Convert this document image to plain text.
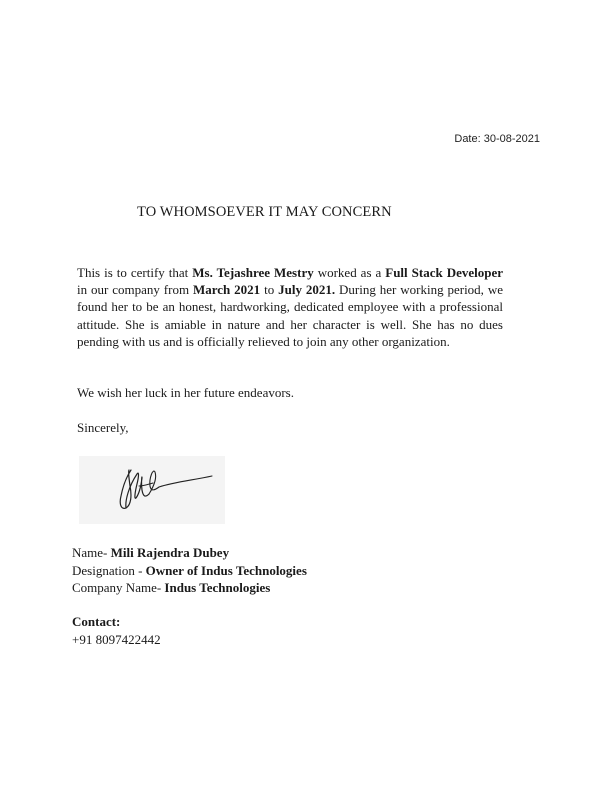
Date: 30-08-2021
TO WHOMSOEVER IT MAY CONCERN

This is to certify that Ms. Tejashree Mestry worked as a Full Stack Developer in our company from March 2021 to July 2021. During her working period, we found her to be an honest, hardworking, dedicated employee with a professional attitude. She is amiable in nature and her character is well. She has no dues pending with us and is officially relieved to join any other organization.

We wish her luck in her future endeavors.

Sincerely,

Name- Mili Rajendra Dubey
Designation - Owner of Indus Technologies
Company Name- Indus Technologies
Contact:
+91 8097422442
